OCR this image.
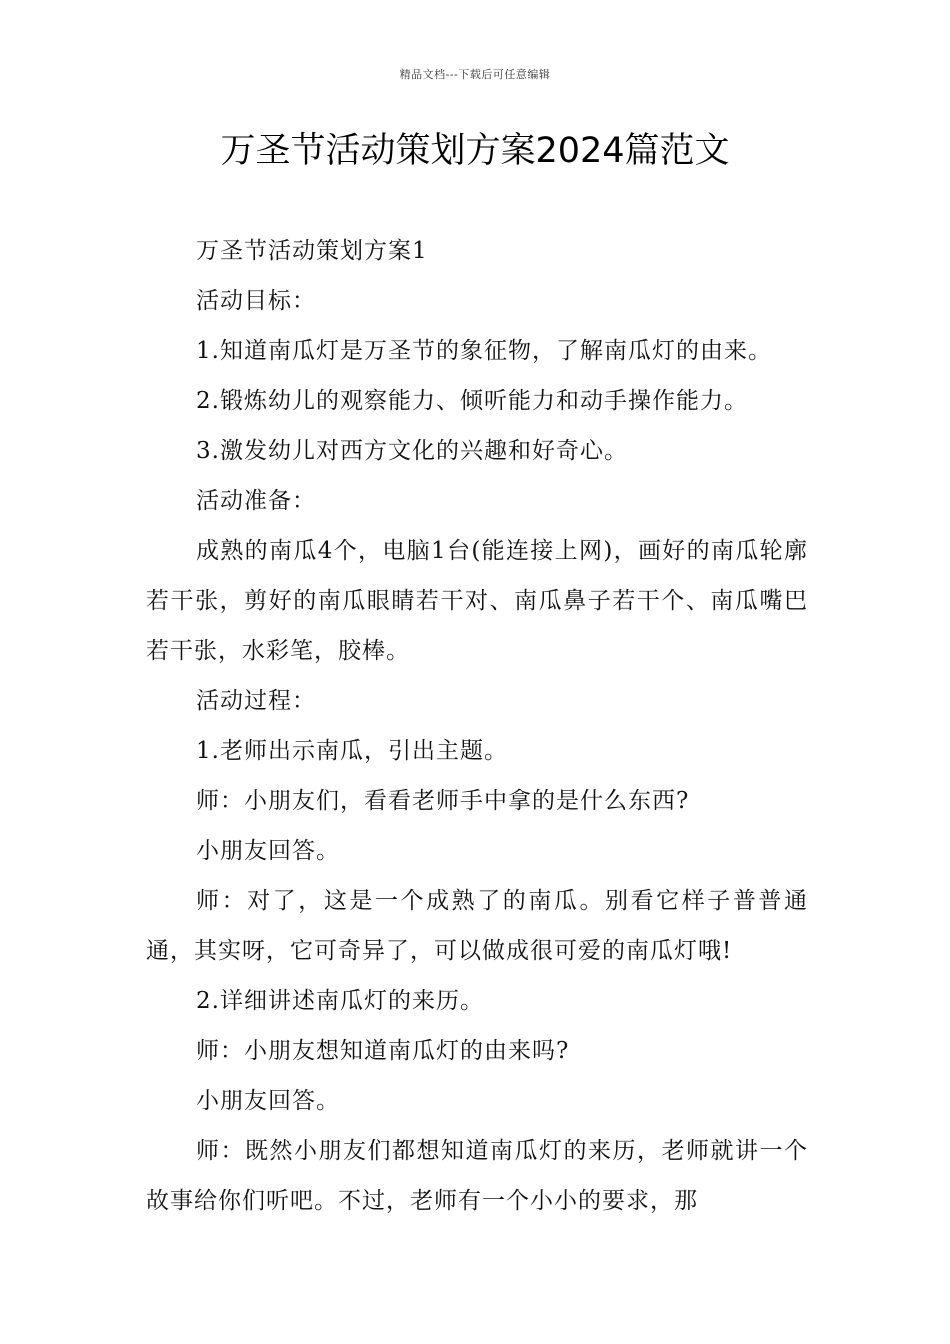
精品文档---下载后可任意编辑
万圣节活动策划方案2024篇范文

万圣节活动策划方案1

活动目标：

1.知道南瓜灯是万圣节的象征物，了解南瓜灯的由来。

2.锻炼幼儿的观察能力、倾听能力和动手操作能力。

3.激发幼儿对西方文化的兴趣和好奇心。

活动准备：

成熟的南瓜4个，电脑1台(能连接上网)，画好的南瓜轮廓若干张，剪好的南瓜眼睛若干对、南瓜鼻子若干个、南瓜嘴巴若干张，水彩笔，胶棒。

活动过程：

1.老师出示南瓜，引出主题。

师：小朋友们，看看老师手中拿的是什么东西?

小朋友回答。

师：对了，这是一个成熟了的南瓜。别看它样子普普通通，其实呀，它可奇异了，可以做成很可爱的南瓜灯哦!

2.详细讲述南瓜灯的来历。

师：小朋友想知道南瓜灯的由来吗?

小朋友回答。

师：既然小朋友们都想知道南瓜灯的来历，老师就讲一个故事给你们听吧。不过，老师有一个小小的要求，那
